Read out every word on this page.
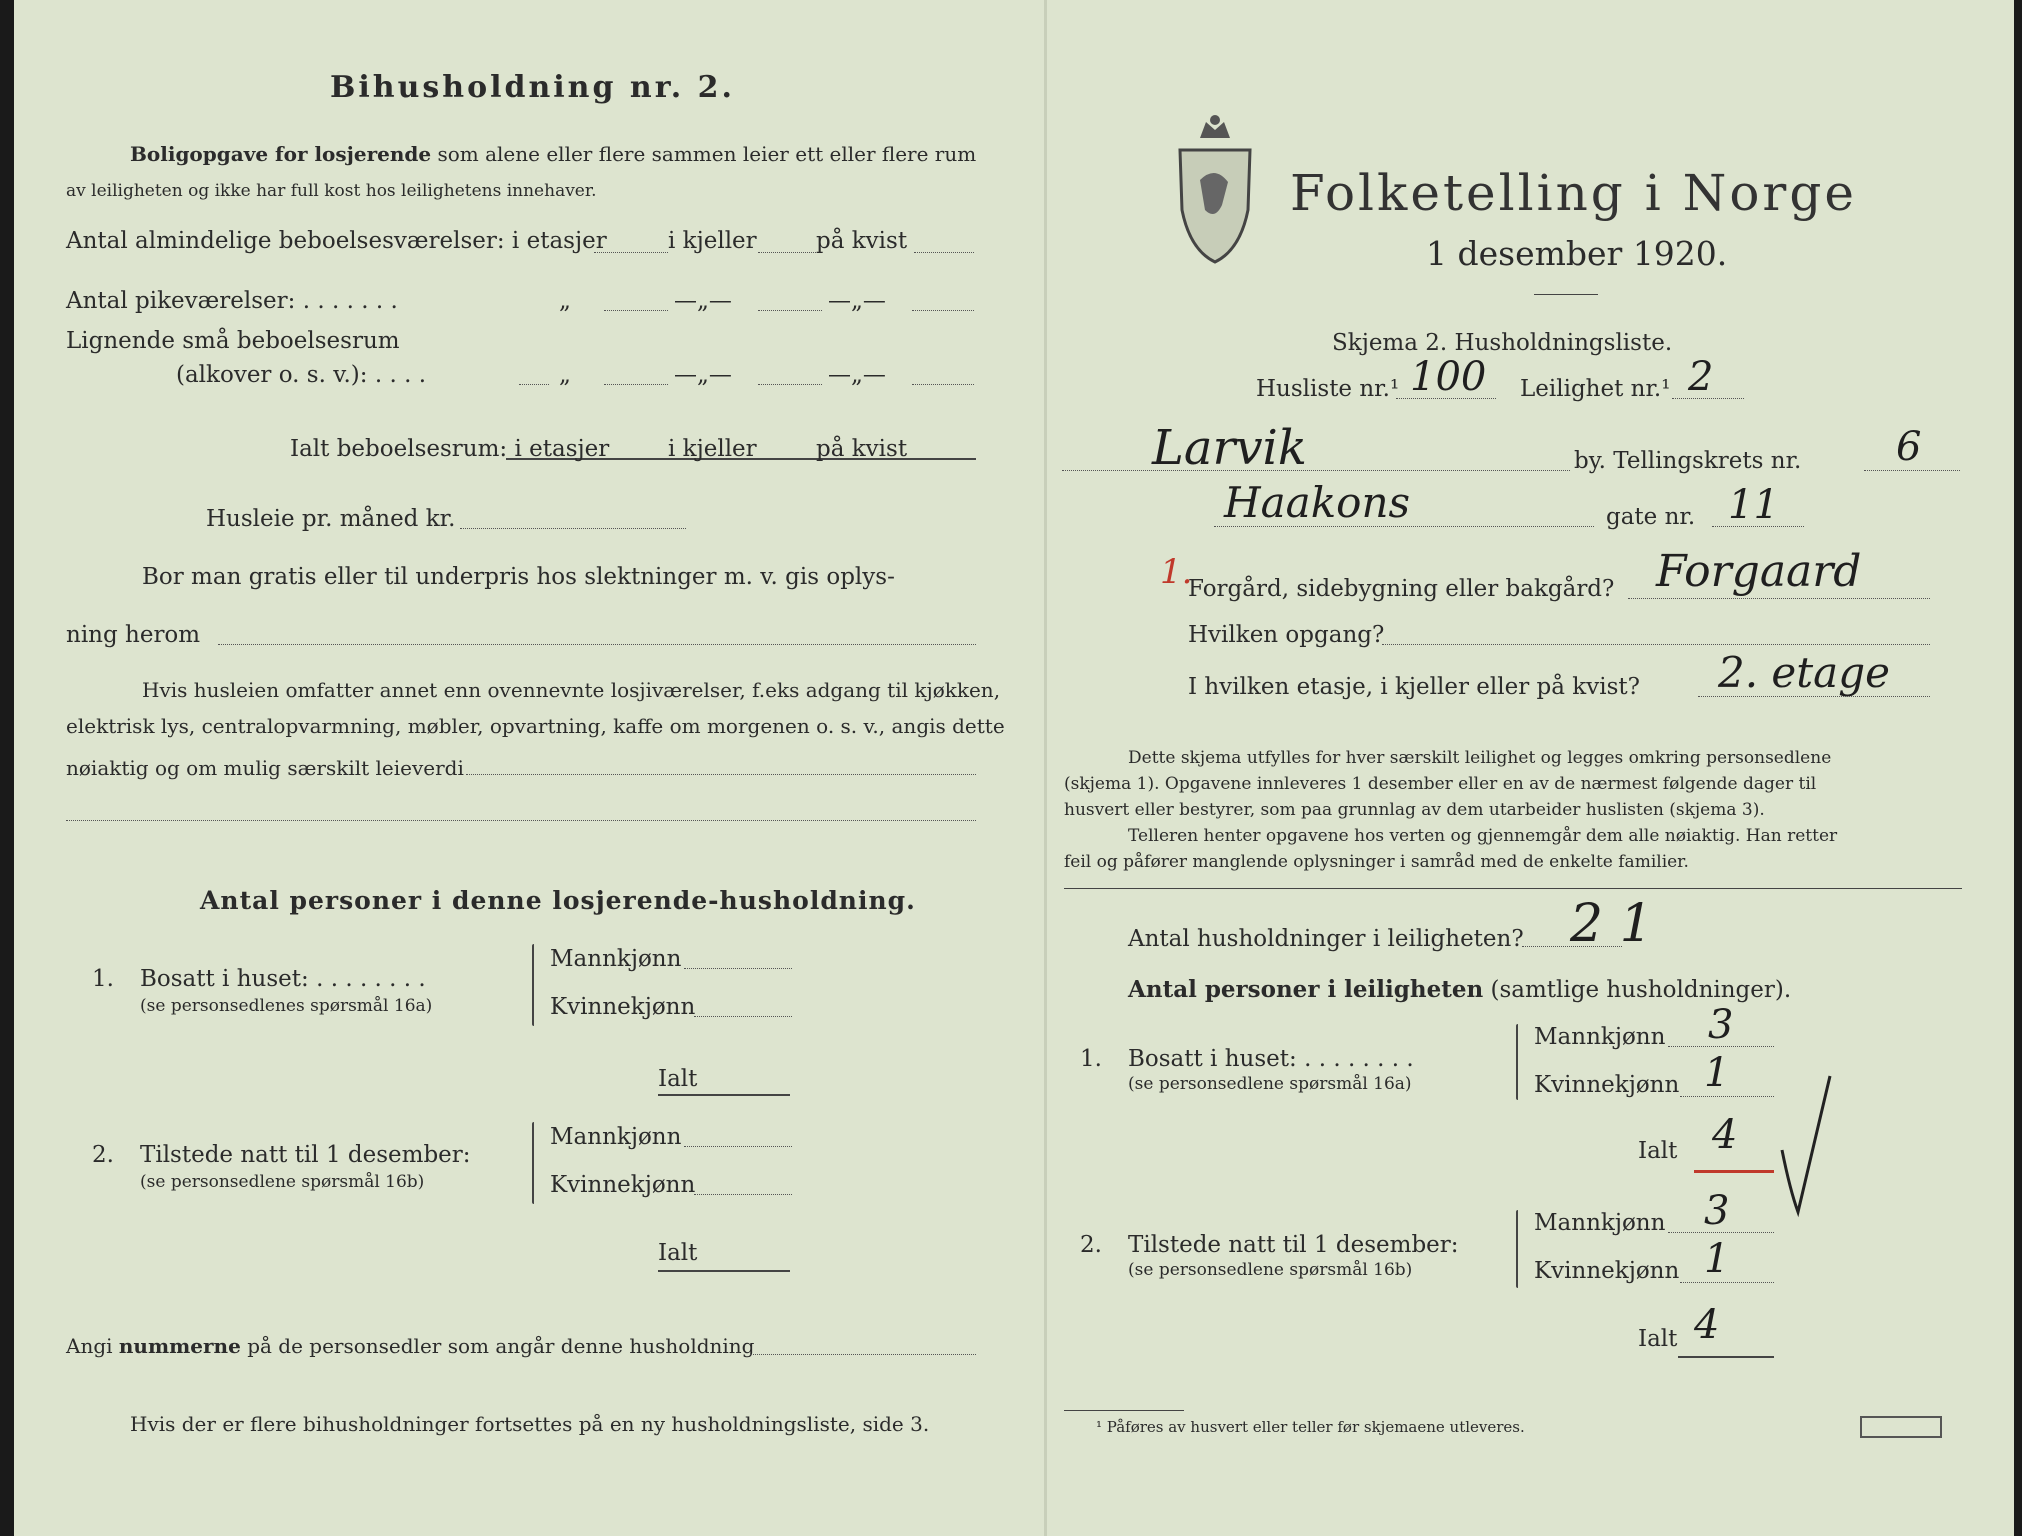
Bihusholdning nr. 2.
Boligopgave for losjerende som alene eller flere sammen leier ett eller flere rum
av leiligheten og ikke har full kost hos leilighetens innehaver.
Antal almindelige beboelsesværelser: i etasjer	i kjeller	på kvist
Antal pikeværelser: . . . . . . .	„	—„—	—„—
Lignende små beboelsesrum
(alkover o. s. v.): . . . .	„	—„—	—„—
Ialt beboelsesrum: i etasjer	i kjeller	på kvist
Husleie pr. måned kr.
Bor man gratis eller til underpris hos slektninger m. v. gis oplys-
ning herom
Hvis husleien omfatter annet enn ovennevnte losjiværelser, f.eks adgang til kjøkken,
elektrisk lys, centralopvarmning, møbler, opvartning, kaffe om morgenen o. s. v., angis dette
nøiaktig og om mulig særskilt leieverdi
Antal personer i denne losjerende-husholdning.
1. Bosatt i huset: . . . . . . . .
(se personsedlenes spørsmål 16a)
Mannkjønn
Kvinnekjønn
Ialt
2. Tilstede natt til 1 desember:
(se personsedlene spørsmål 16b)
Mannkjønn
Kvinnekjønn
Ialt
Angi nummerne på de personsedler som angår denne husholdning
Hvis der er flere bihusholdninger fortsettes på en ny husholdningsliste, side 3.
Folketelling i Norge
1 desember 1920.
Skjema 2. Husholdningsliste.
Husliste nr.¹ 100 Leilighet nr.¹ 2
Larvik	by. Tellingskrets nr. 6
Haakons	gate nr. 11
1.
Forgård, sidebygning eller bakgård? Forgaard
Hvilken opgang?
I hvilken etasje, i kjeller eller på kvist? 2. etage
Dette skjema utfylles for hver særskilt leilighet og legges omkring personsedlene
(skjema 1). Opgavene innleveres 1 desember eller en av de nærmest følgende dager til
husvert eller bestyrer, som paa grunnlag av dem utarbeider huslisten (skjema 3).
Telleren henter opgavene hos verten og gjennemgår dem alle nøiaktig. Han retter
feil og påfører manglende oplysninger i samråd med de enkelte familier.
Antal husholdninger i leiligheten? 2 1
Antal personer i leiligheten (samtlige husholdninger).
1. Bosatt i huset: . . . . . . . .
(se personsedlene spørsmål 16a)
Mannkjønn 3
Kvinnekjønn 1
Ialt 4
2. Tilstede natt til 1 desember:
(se personsedlene spørsmål 16b)
Mannkjønn 3
Kvinnekjønn 1
Ialt 4
¹ Påføres av husvert eller teller før skjemaene utleveres.
